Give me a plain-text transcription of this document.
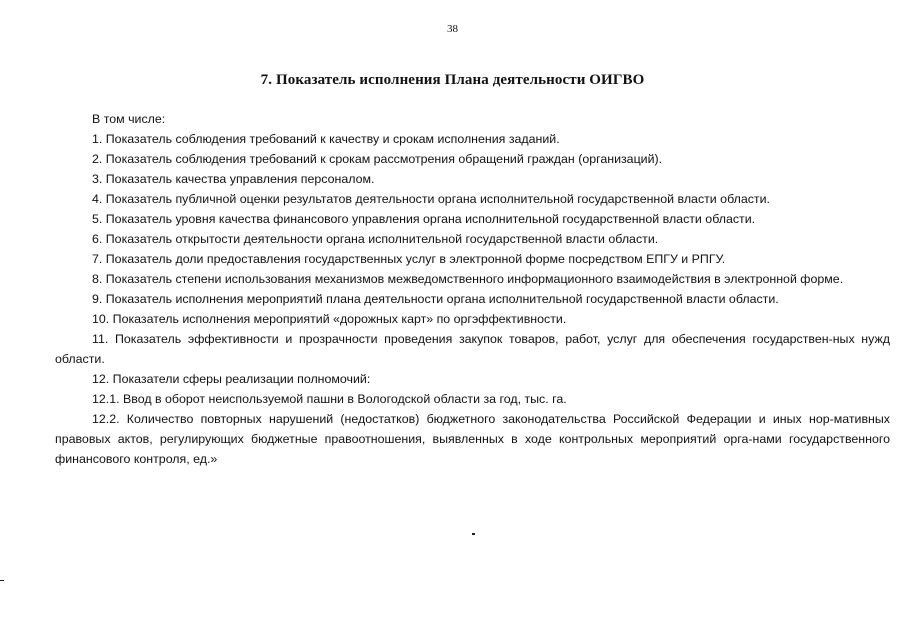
38
7. Показатель исполнения Плана деятельности ОИГВО

В том числе:

1. Показатель соблюдения требований к качеству и срокам исполнения заданий.

2. Показатель соблюдения требований к срокам рассмотрения обращений граждан (организаций).

3. Показатель качества управления персоналом.

4. Показатель публичной оценки результатов деятельности органа исполнительной государственной власти области.

5. Показатель уровня качества финансового управления органа исполнительной государственной власти области.

6. Показатель открытости деятельности органа исполнительной государственной власти области.

7. Показатель доли предоставления государственных услуг в электронной форме посредством ЕПГУ и РПГУ.

8. Показатель степени использования механизмов межведомственного информационного взаимодействия в электронной форме.

9. Показатель исполнения мероприятий плана деятельности органа исполнительной государственной власти области.

10. Показатель исполнения мероприятий «дорожных карт» по оргэффективности.

11. Показатель эффективности и прозрачности проведения закупок товаров, работ, услуг для обеспечения государствен-ных нужд области.

12. Показатели сферы реализации полномочий:

12.1. Ввод в оборот неиспользуемой пашни в Вологодской области за год, тыс. га.

12.2. Количество повторных нарушений (недостатков) бюджетного законодательства Российской Федерации и иных нор-мативных правовых актов, регулирующих бюджетные правоотношения, выявленных в ходе контрольных мероприятий орга-нами государственного финансового контроля, ед.»
